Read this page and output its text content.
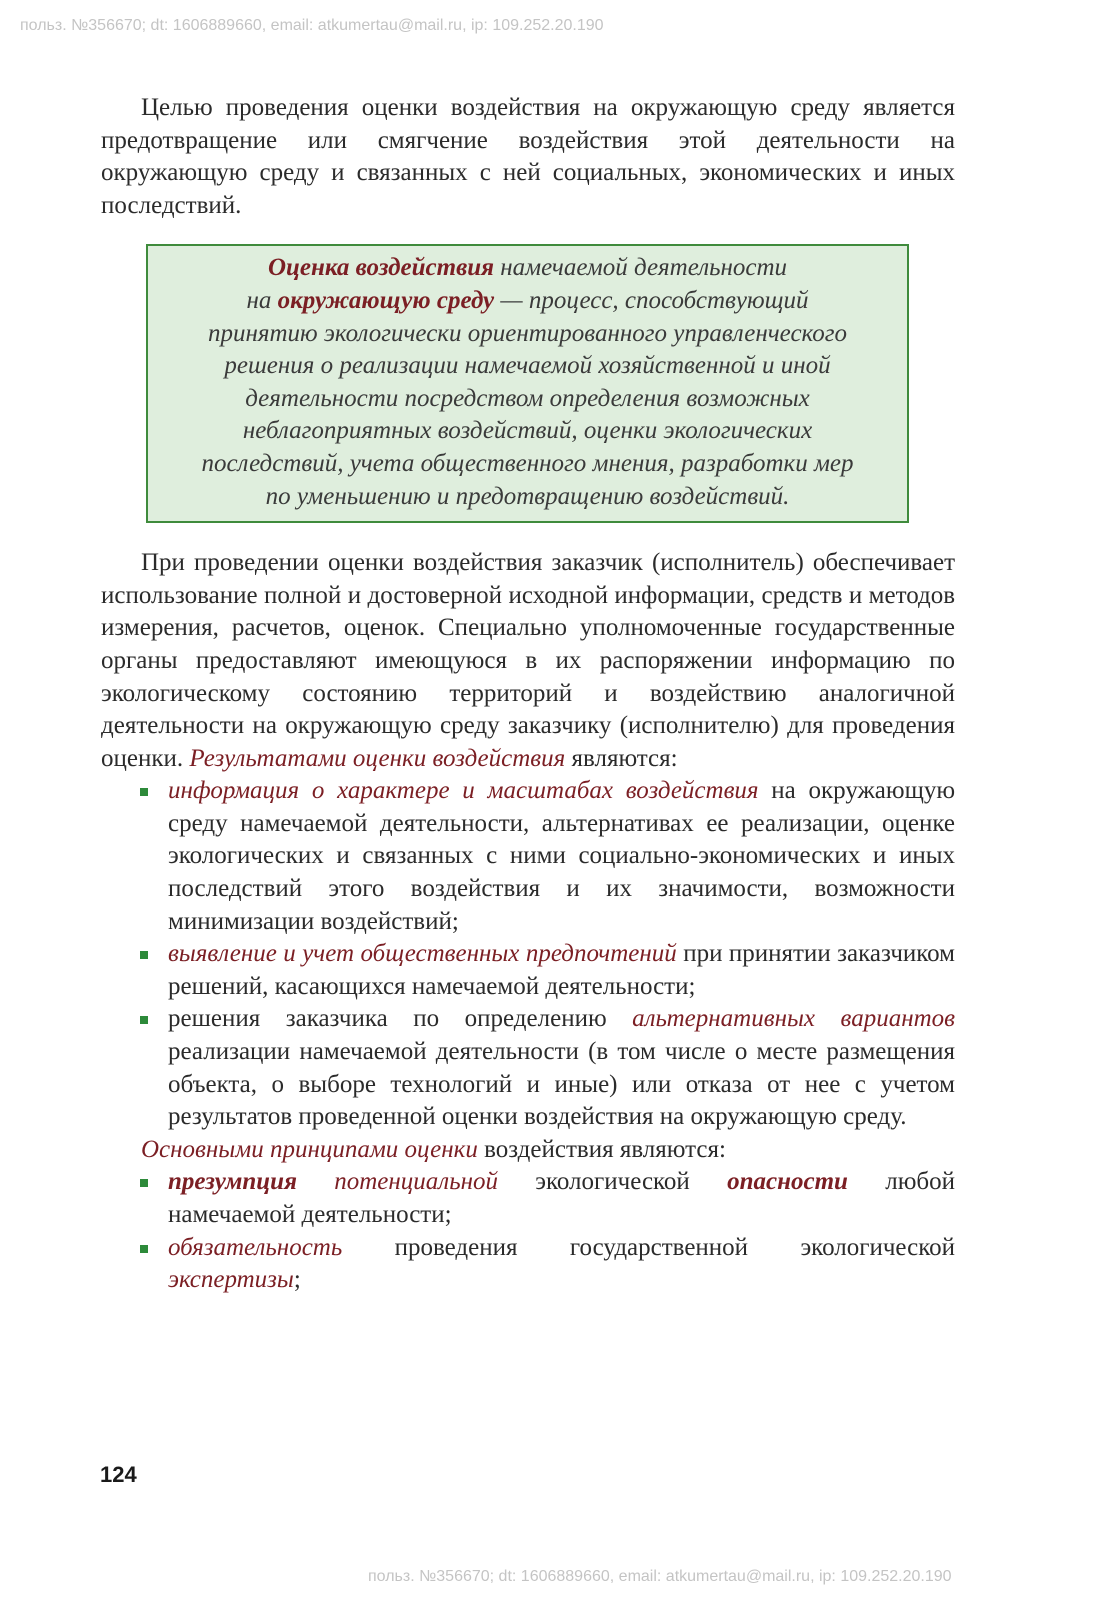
польз. №356670; dt: 1606889660, email: atkumertau@mail.ru, ip: 109.252.20.190

Целью проведения оценки воздействия на окружающую среду является предотвращение или смягчение воздействия этой деятельности на окружающую среду и связанных с ней социальных, экономических и иных последствий.

Оценка воздействия намечаемой деятельности
на окружающую среду — процесс, способствующий
принятию экологически ориентированного управленческого
решения о реализации намечаемой хозяйственной и иной
деятельности посредством определения возможных
неблагоприятных воздействий, оценки экологических
последствий, учета общественного мнения, разработки мер
по уменьшению и предотвращению воздействий.

При проведении оценки воздействия заказчик (исполнитель) обеспечивает использование полной и достоверной исходной информации, средств и методов измерения, расчетов, оценок. Специально уполномоченные государственные органы предоставляют имеющуюся в их распоряжении информацию по экологическому состоянию территорий и воздействию аналогичной деятельности на окружающую среду заказчику (исполнителю) для проведения оценки. Результатами оценки воздействия являются:

информация о характере и масштабах воздействия на окружающую среду намечаемой деятельности, альтернативах ее реализации, оценке экологических и связанных с ними социально-экономических и иных последствий этого воздействия и их значимости, возможности минимизации воздействий;
выявление и учет общественных предпочтений при принятии заказчиком решений, касающихся намечаемой деятельности;
решения заказчика по определению альтернативных вариантов реализации намечаемой деятельности (в том числе о месте размещения объекта, о выборе технологий и иные) или отказа от нее с учетом результатов проведенной оценки воздействия на окружающую среду.

Основными принципами оценки воздействия являются:

презумпция потенциальной экологической опасности любой намечаемой деятельности;
обязательность проведения государственной экологической экспертизы;
124
польз. №356670; dt: 1606889660, email: atkumertau@mail.ru, ip: 109.252.20.190
